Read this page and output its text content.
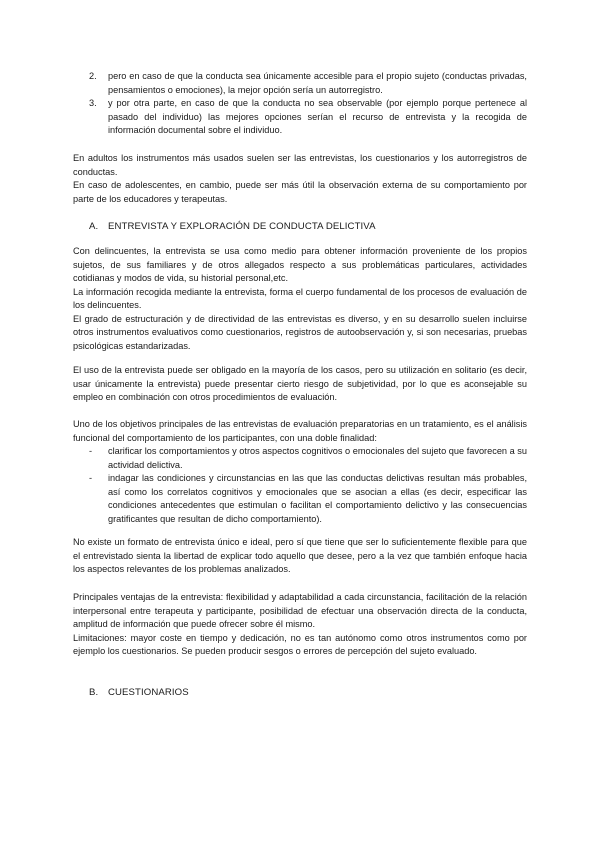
2. pero en caso de que la conducta sea únicamente accesible para el propio sujeto (conductas privadas, pensamientos o emociones), la mejor opción sería un autorregistro.
3. y por otra parte, en caso de que la conducta no sea observable (por ejemplo porque pertenece al pasado del individuo) las mejores opciones serían el recurso de entrevista y la recogida de información documental sobre el individuo.

En adultos los instrumentos más usados suelen ser las entrevistas, los cuestionarios y los autorregistros de conductas.

En caso de adolescentes, en cambio, puede ser más útil la observación externa de su comportamiento por parte de los educadores y terapeutas.

A. ENTREVISTA Y EXPLORACIÓN DE CONDUCTA DELICTIVA

Con delincuentes, la entrevista se usa como medio para obtener información proveniente de los propios sujetos, de sus familiares y de otros allegados respecto a sus problemáticas particulares, actividades cotidianas y modos de vida, su historial personal,etc.

La información recogida mediante la entrevista, forma el cuerpo fundamental de los procesos de evaluación de los delincuentes.

El grado de estructuración y de directividad de las entrevistas es diverso, y en su desarrollo suelen incluirse otros instrumentos evaluativos como cuestionarios, registros de autoobservación y, si son necesarias, pruebas psicológicas estandarizadas.

El uso de la entrevista puede ser obligado en la mayoría de los casos, pero su utilización en solitario (es decir, usar únicamente la entrevista) puede presentar cierto riesgo de subjetividad, por lo que es aconsejable su empleo en combinación con otros procedimientos de evaluación.

Uno de los objetivos principales de las entrevistas de evaluación preparatorias en un tratamiento, es el análisis funcional del comportamiento de los participantes, con una doble finalidad:

- clarificar los comportamientos y otros aspectos cognitivos o emocionales del sujeto que favorecen a su actividad delictiva.
- indagar las condiciones y circunstancias en las que las conductas delictivas resultan más probables, así como los correlatos cognitivos y emocionales que se asocian a ellas (es decir, especificar las condiciones antecedentes que estimulan o facilitan el comportamiento delictivo y las consecuencias gratificantes que resultan de dicho comportamiento).

No existe un formato de entrevista único e ideal, pero sí que tiene que ser lo suficientemente flexible para que el entrevistado sienta la libertad de explicar todo aquello que desee, pero a la vez que también enfoque hacia los aspectos relevantes de los problemas analizados.

Principales ventajas de la entrevista: flexibilidad y adaptabilidad a cada circunstancia, facilitación de la relación interpersonal entre terapeuta y participante, posibilidad de efectuar una observación directa de la conducta, amplitud de información que puede ofrecer sobre él mismo.

Limitaciones: mayor coste en tiempo y dedicación, no es tan autónomo como otros instrumentos como por ejemplo los cuestionarios. Se pueden producir sesgos o errores de percepción del sujeto evaluado.

B. CUESTIONARIOS
